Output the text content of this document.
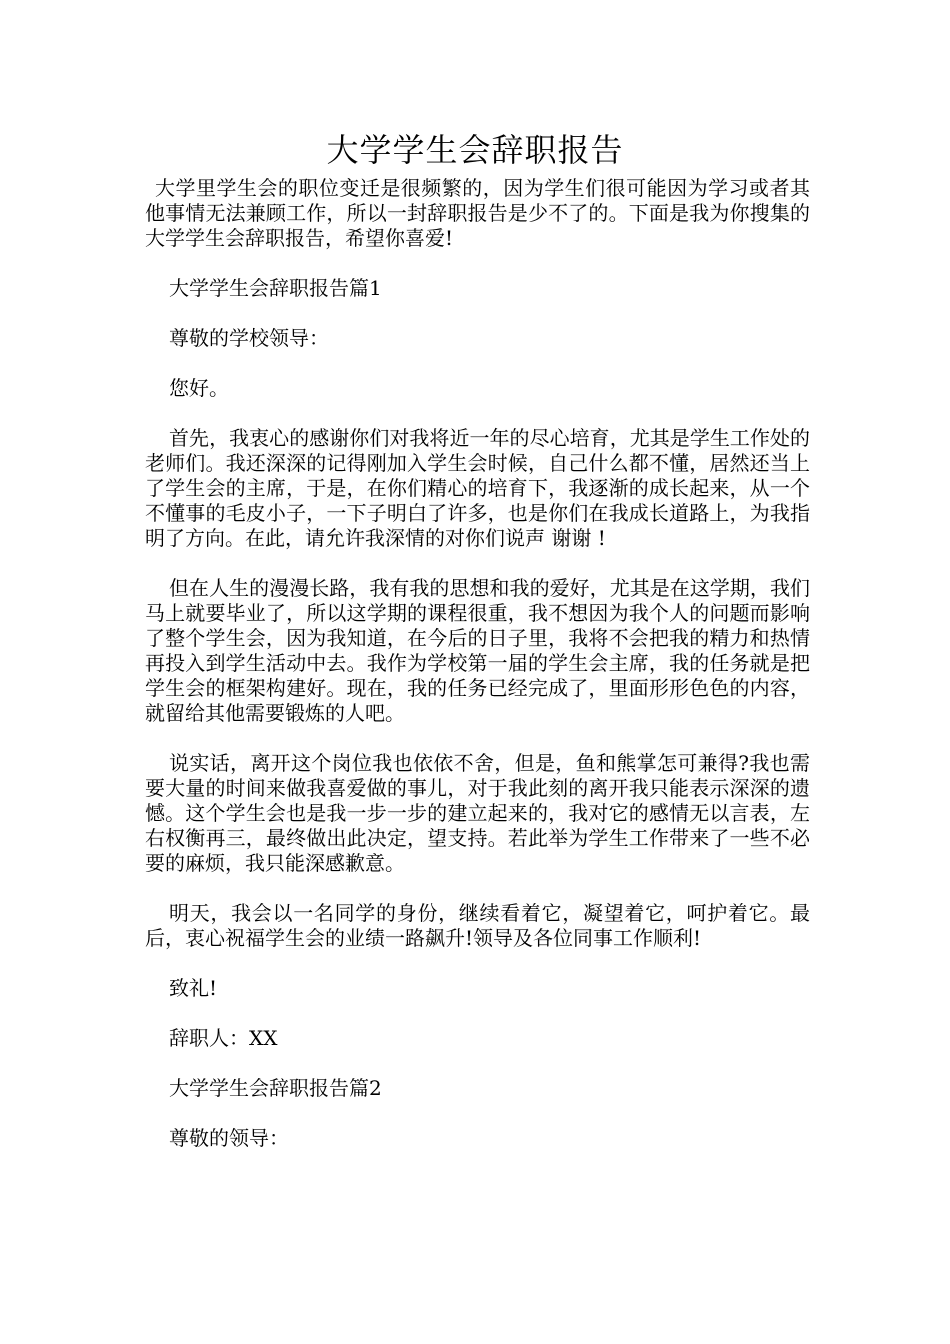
大学学生会辞职报告

大学里学生会的职位变迁是很频繁的，因为学生们很可能因为学习或者其他事情无法兼顾工作，所以一封辞职报告是少不了的。下面是我为你搜集的大学学生会辞职报告，希望你喜爱!

大学学生会辞职报告篇1

尊敬的学校领导：

您好。

首先，我衷心的感谢你们对我将近一年的尽心培育，尤其是学生工作处的老师们。我还深深的记得刚加入学生会时候，自己什么都不懂，居然还当上了学生会的主席，于是，在你们精心的培育下，我逐渐的成长起来，从一个不懂事的毛皮小子，一下子明白了许多，也是你们在我成长道路上，为我指明了方向。在此，请允许我深情的对你们说声 谢谢 !

但在人生的漫漫长路，我有我的思想和我的爱好，尤其是在这学期，我们马上就要毕业了，所以这学期的课程很重，我不想因为我个人的问题而影响了整个学生会，因为我知道，在今后的日子里，我将不会把我的精力和热情再投入到学生活动中去。我作为学校第一届的学生会主席，我的任务就是把学生会的框架构建好。现在，我的任务已经完成了，里面形形色色的内容，就留给其他需要锻炼的人吧。

说实话，离开这个岗位我也依依不舍，但是，鱼和熊掌怎可兼得?我也需要大量的时间来做我喜爱做的事儿，对于我此刻的离开我只能表示深深的遗憾。这个学生会也是我一步一步的建立起来的，我对它的感情无以言表，左右权衡再三，最终做出此决定，望支持。若此举为学生工作带来了一些不必要的麻烦，我只能深感歉意。

明天，我会以一名同学的身份，继续看着它，凝望着它，呵护着它。最后，衷心祝福学生会的业绩一路飙升!领导及各位同事工作顺利!

致礼!

辞职人：XX

大学学生会辞职报告篇2

尊敬的领导：
